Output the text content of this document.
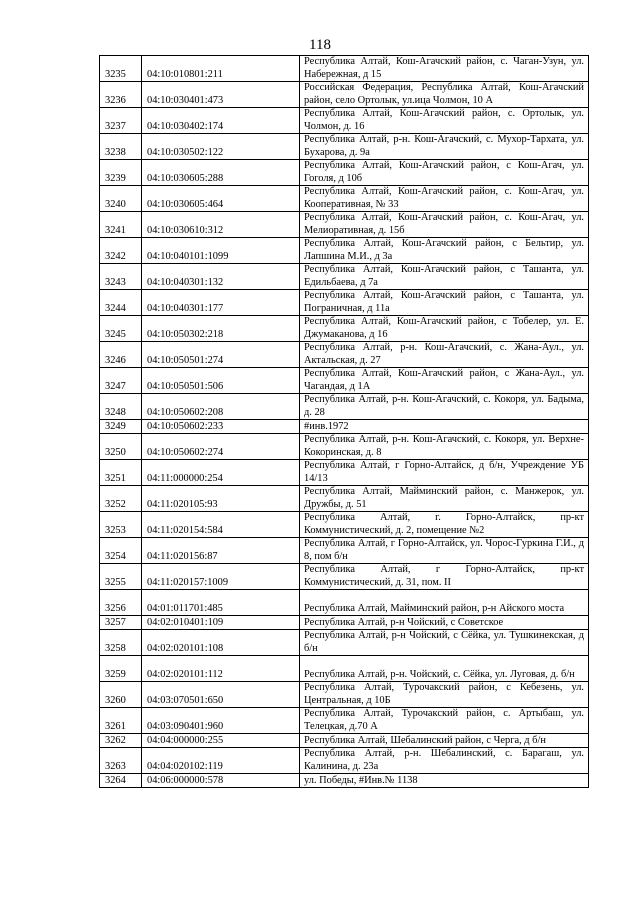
118
3235	04:10:010801:211	Республика Алтай, Кош-Агачский район, с. Чаган-Узун, ул. Набережная, д 15
3236	04:10:030401:473	Российская Федерация, Республика Алтай, Кош-Агачский район, село Ортолык, ул.ица Чолмон, 10 А
3237	04:10:030402:174	Республика Алтай, Кош-Агачский район, с. Ортолык, ул. Чолмон, д. 16
3238	04:10:030502:122	Республика Алтай, р-н. Кош-Агачский, с. Мухор-Тархата, ул. Бухарова, д. 9а
3239	04:10:030605:288	Республика Алтай, Кош-Агачский район, с Кош-Агач, ул. Гоголя, д 10б
3240	04:10:030605:464	Республика Алтай, Кош-Агачский район, с. Кош-Агач, ул. Кооперативная, № 33
3241	04:10:030610:312	Республика Алтай, Кош-Агачский район, с. Кош-Агач, ул. Мелиоративная, д. 15б
3242	04:10:040101:1099	Республика Алтай, Кош-Агачский район, с Бельтир, ул. Лапшина М.И., д 3а
3243	04:10:040301:132	Республика Алтай, Кош-Агачский район, с Ташанта, ул. Едильбаева, д 7а
3244	04:10:040301:177	Республика Алтай, Кош-Агачский район, с Ташанта, ул. Пограничная, д 11а
3245	04:10:050302:218	Республика Алтай, Кош-Агачский район, с Тобелер, ул. Е. Джумаканова, д 16
3246	04:10:050501:274	Республика Алтай, р-н. Кош-Агачский, с. Жана-Аул., ул. Актальская, д. 27
3247	04:10:050501:506	Республика Алтай, Кош-Агачский район, с Жана-Аул., ул. Чагандая, д 1А
3248	04:10:050602:208	Республика Алтай, р-н. Кош-Агачский, с. Кокоря, ул. Бадыма, д. 28
3249	04:10:050602:233	#инв.1972
3250	04:10:050602:274	Республика Алтай, р-н. Кош-Агачский, с. Кокоря, ул. Верхне-Кокоринская, д. 8
3251	04:11:000000:254	Республика Алтай, г Горно-Алтайск, д б/н, Учреждение УБ 14/13
3252	04:11:020105:93	Республика Алтай, Майминский район, с. Манжерок, ул. Дружбы, д. 51
3253	04:11:020154:584	Республика Алтай, г. Горно-Алтайск, пр-кт Коммунистический, д. 2, помещение №2
3254	04:11:020156:87	Республика Алтай, г Горно-Алтайск, ул. Чорос-Гуркина Г.И., д 8, пом б/н
3255	04:11:020157:1009	Республика Алтай, г Горно-Алтайск, пр-кт Коммунистический, д. 31, пом. II
3256	04:01:011701:485	Республика Алтай, Майминский район, р-н Айского моста
3257	04:02:010401:109	Республика Алтай, р-н Чойский, с Советское
3258	04:02:020101:108	Республика Алтай, р-н Чойский, с Сёйка, ул. Тушкинекская, д б/н
3259	04:02:020101:112	Республика Алтай, р-н. Чойский, с. Сёйка, ул. Луговая, д. б/н
3260	04:03:070501:650	Республика Алтай, Турочакский район, с Кебезень, ул. Центральная, д 10Б
3261	04:03:090401:960	Республика Алтай, Турочакский район, с. Артыбаш, ул. Телецкая, д.70 А
3262	04:04:000000:255	Республика Алтай, Шебалинский район, с Черга, д б/н
3263	04:04:020102:119	Республика Алтай, р-н. Шебалинский, с. Барагаш, ул. Калинина, д. 23а
3264	04:06:000000:578	ул. Победы, #Инв.№ 1138
